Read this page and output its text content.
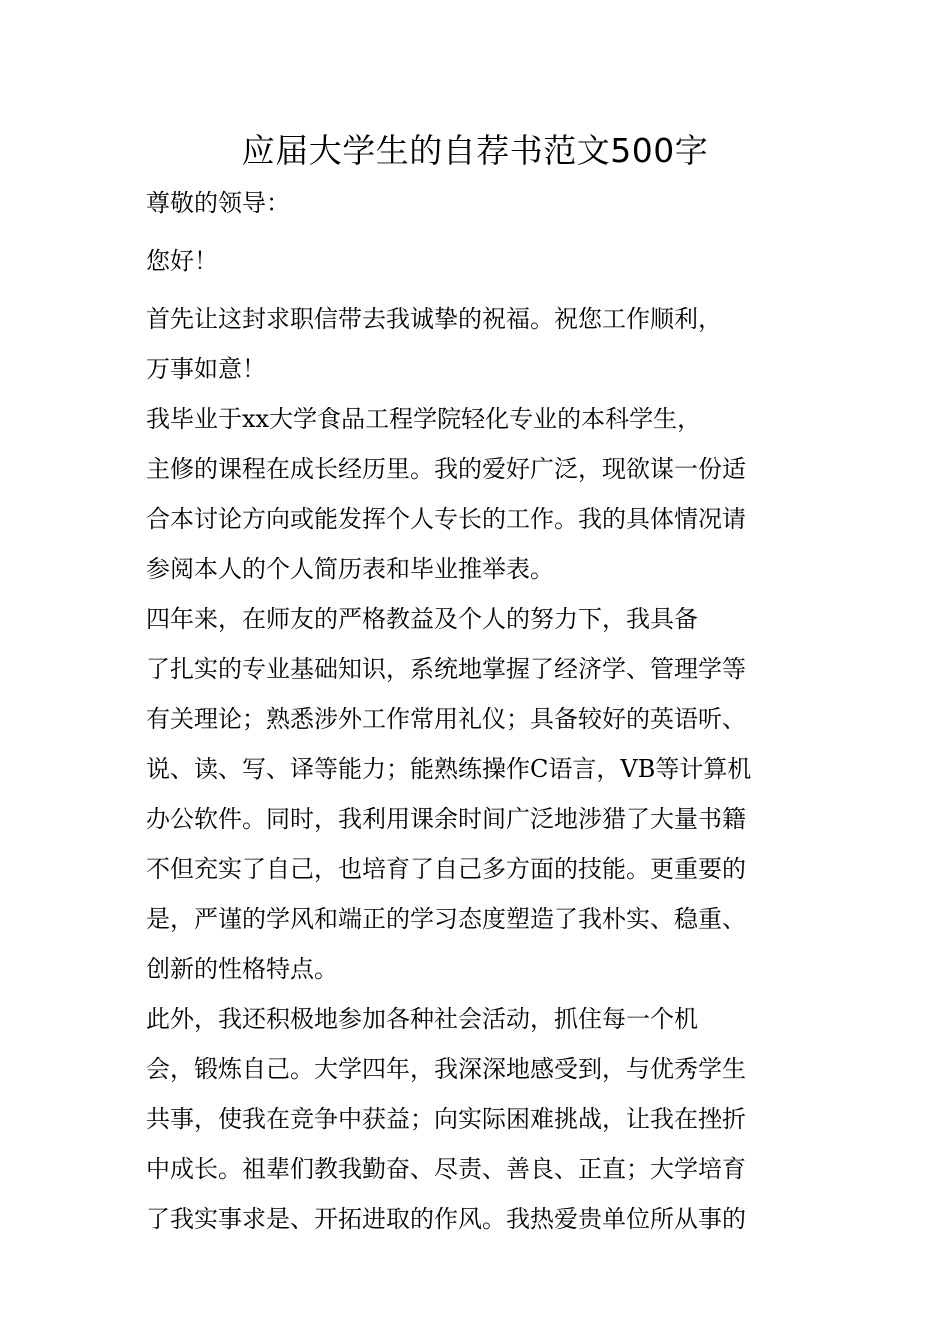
应届大学生的自荐书范文500字

尊敬的领导：

您好！

首先让这封求职信带去我诚挚的祝福。祝您工作顺利，

万事如意！

我毕业于xx大学食品工程学院轻化专业的本科学生，

主修的课程在成长经历里。我的爱好广泛，现欲谋一份适

合本讨论方向或能发挥个人专长的工作。我的具体情况请

参阅本人的个人简历表和毕业推举表。

四年来，在师友的严格教益及个人的努力下，我具备

了扎实的专业基础知识，系统地掌握了经济学、管理学等

有关理论；熟悉涉外工作常用礼仪；具备较好的英语听、

说、读、写、译等能力；能熟练操作C语言，VB等计算机

办公软件。同时，我利用课余时间广泛地涉猎了大量书籍

不但充实了自己，也培育了自己多方面的技能。更重要的

是，严谨的学风和端正的学习态度塑造了我朴实、稳重、

创新的性格特点。

此外，我还积极地参加各种社会活动，抓住每一个机

会，锻炼自己。大学四年，我深深地感受到，与优秀学生

共事，使我在竞争中获益；向实际困难挑战，让我在挫折

中成长。祖辈们教我勤奋、尽责、善良、正直；大学培育

了我实事求是、开拓进取的作风。我热爱贵单位所从事的
